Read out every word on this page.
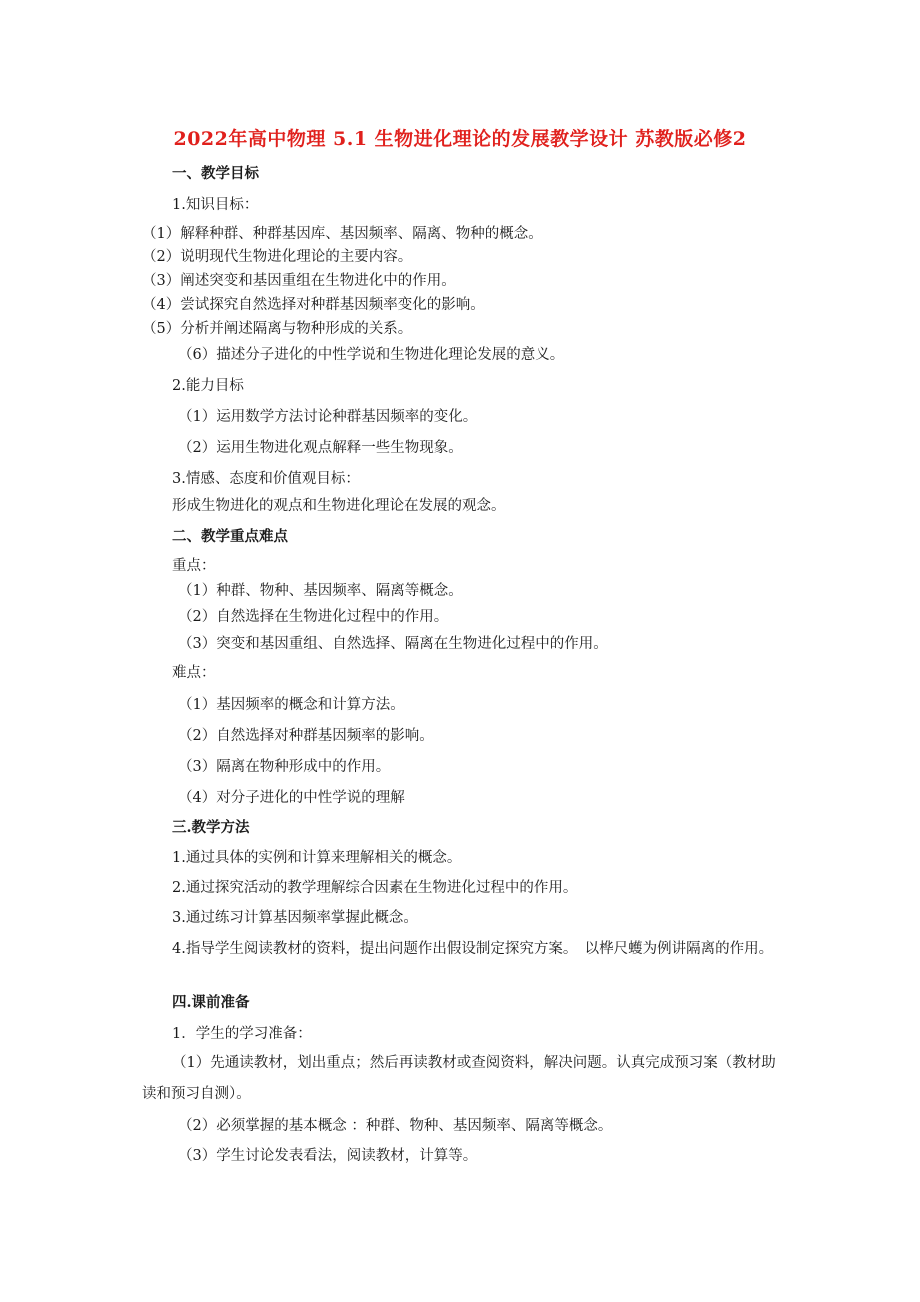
2022年高中物理 5.1 生物进化理论的发展教学设计 苏教版必修2
一、教学目标
1.知识目标：
（1）解释种群、种群基因库、基因频率、隔离、物种的概念。
（2）说明现代生物进化理论的主要内容。
（3）阐述突变和基因重组在生物进化中的作用。
（4）尝试探究自然选择对种群基因频率变化的影响。
（5）分析并阐述隔离与物种形成的关系。
（6）描述分子进化的中性学说和生物进化理论发展的意义。
2.能力目标
（1）运用数学方法讨论种群基因频率的变化。
（2）运用生物进化观点解释一些生物现象。
3.情感、态度和价值观目标：
形成生物进化的观点和生物进化理论在发展的观念。
二、教学重点难点
重点：
（1）种群、物种、基因频率、隔离等概念。
（2）自然选择在生物进化过程中的作用。
（3）突变和基因重组、自然选择、隔离在生物进化过程中的作用。
难点：
（1）基因频率的概念和计算方法。
（2）自然选择对种群基因频率的影响。
（3）隔离在物种形成中的作用。
（4）对分子进化的中性学说的理解
三.教学方法
1.通过具体的实例和计算来理解相关的概念。
2.通过探究活动的教学理解综合因素在生物进化过程中的作用。
3.通过练习计算基因频率掌握此概念。
4.指导学生阅读教材的资料，提出问题作出假设制定探究方案。　以桦尺蠖为例讲隔离的作用。
四.课前准备
1．学生的学习准备：
（1）先通读教材，划出重点；然后再读教材或查阅资料，解决问题。认真完成预习案（教材助读和预习自测）。
（2）必须掌握的基本概念 ：种群、物种、基因频率、隔离等概念。
（3）学生讨论发表看法，阅读教材，计算等。
